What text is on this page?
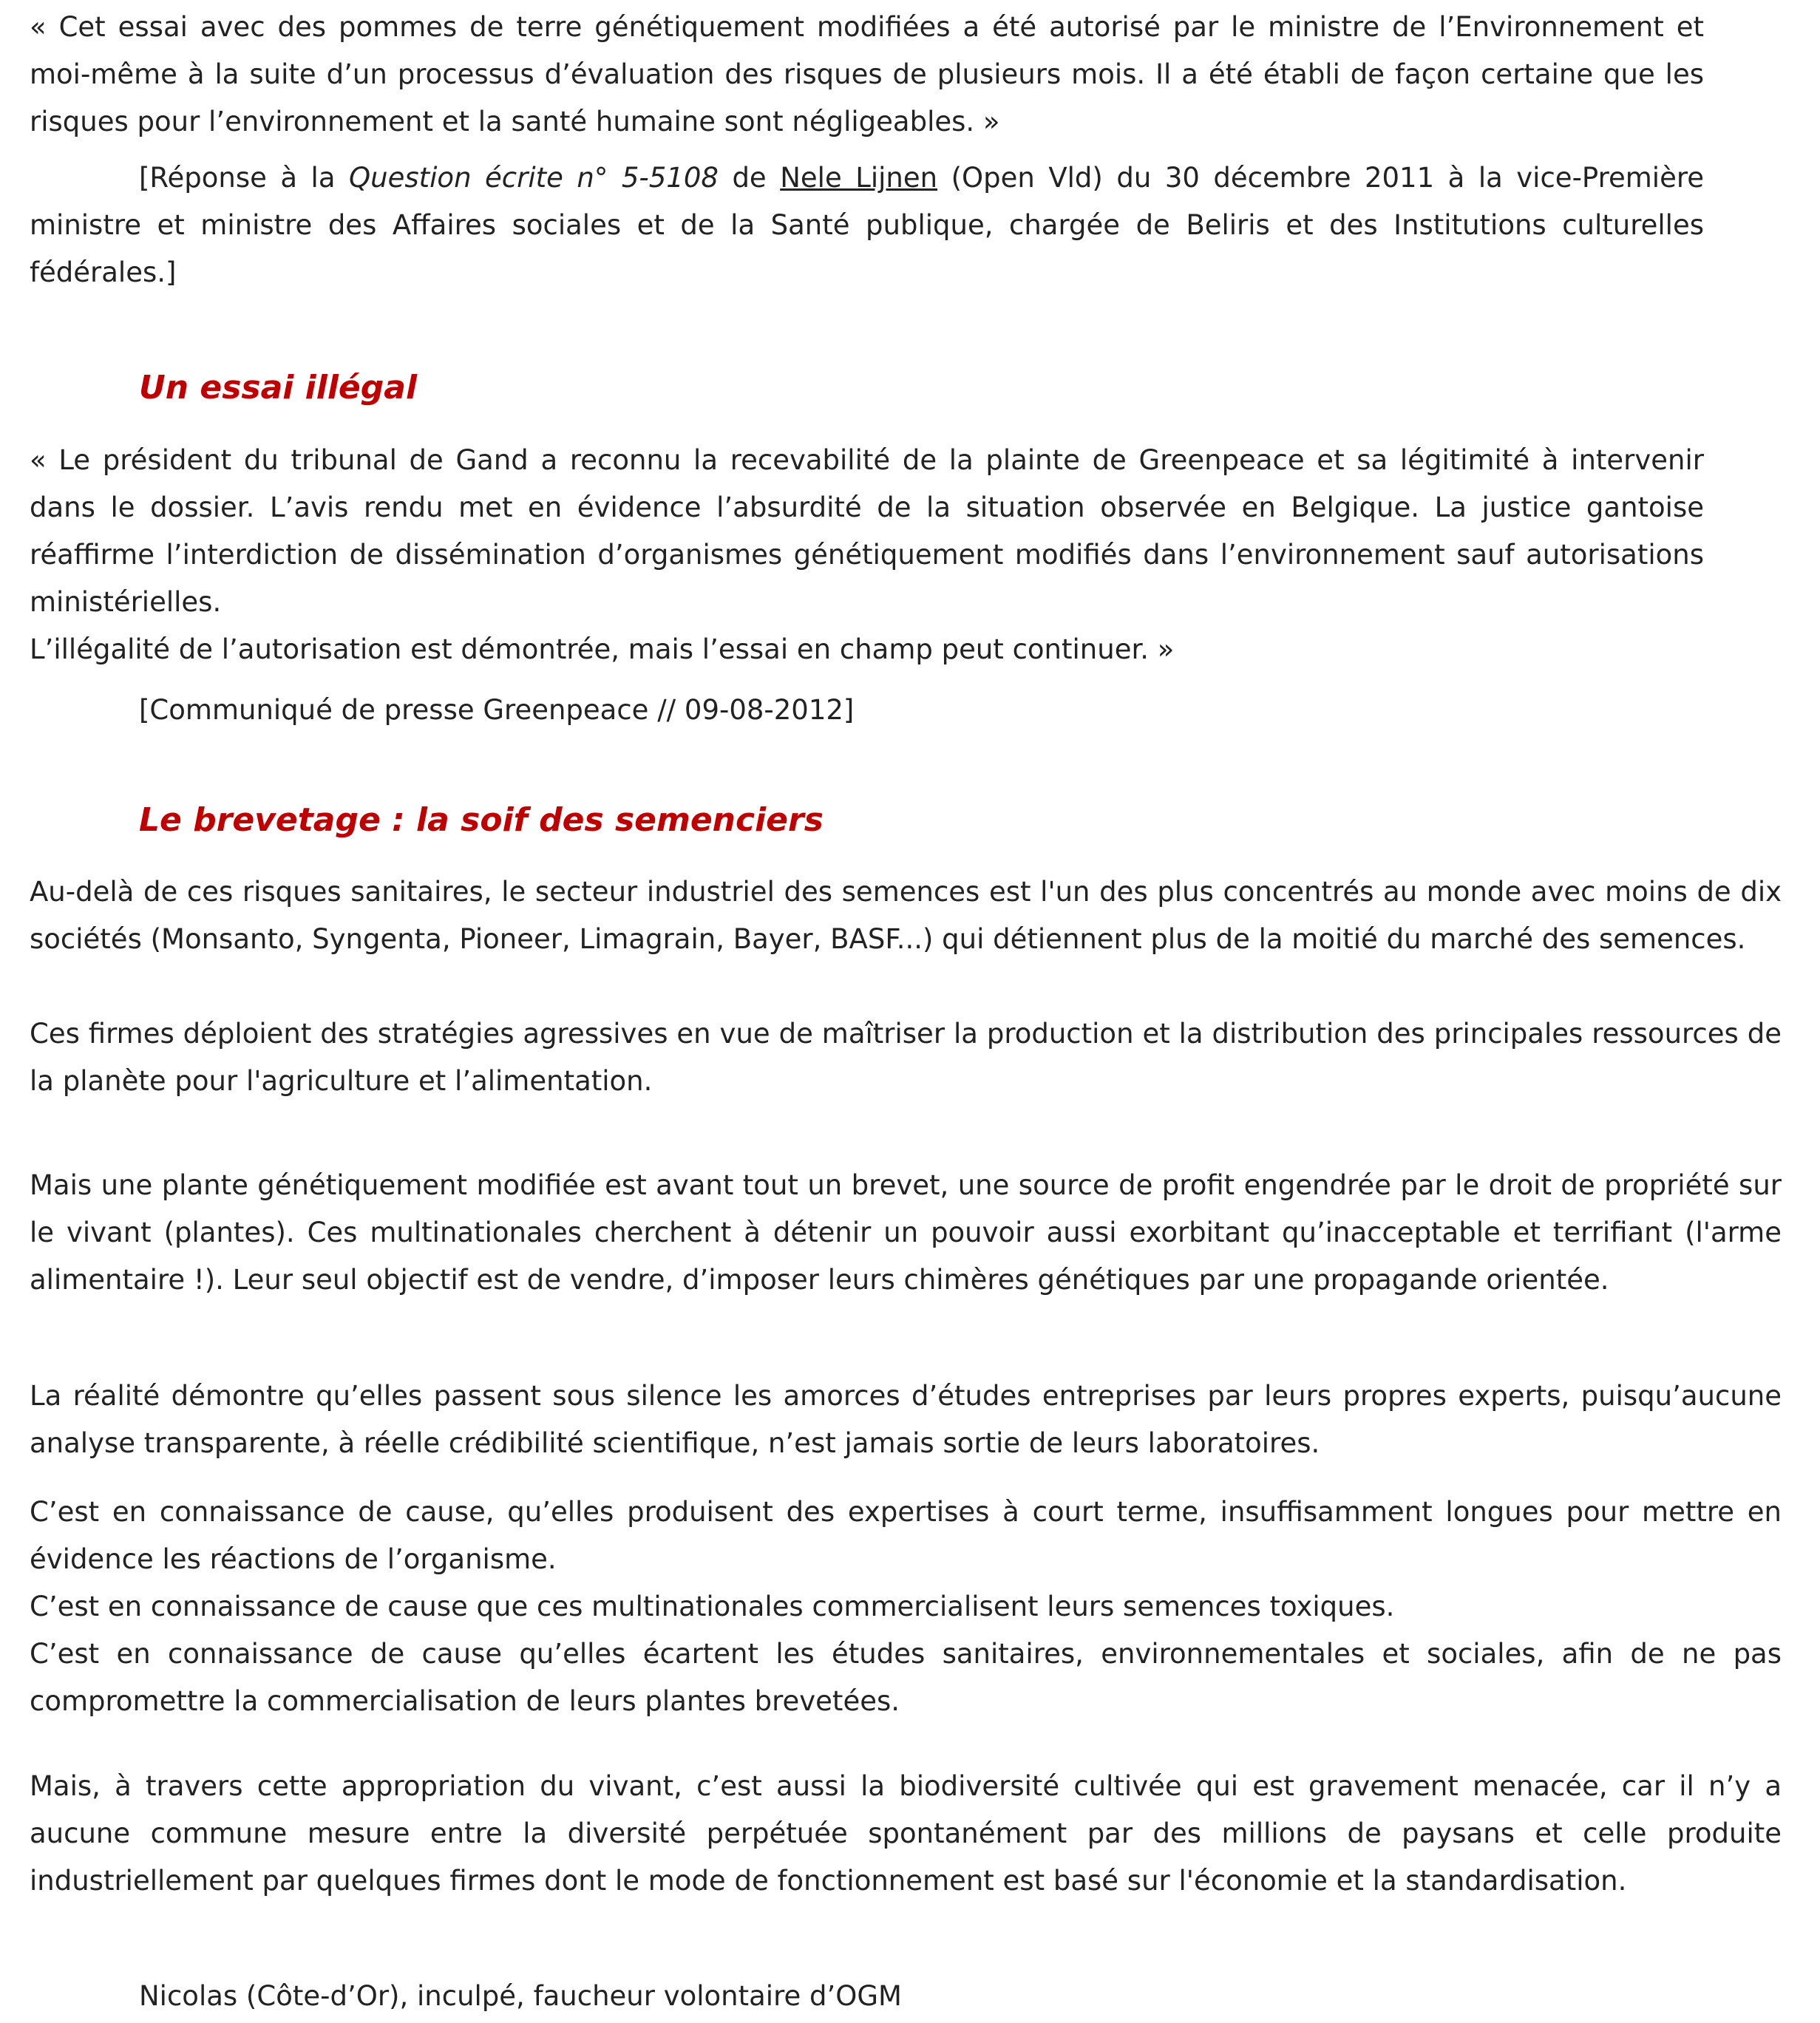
« Cet essai avec des pommes de terre génétiquement modifiées a été autorisé par le ministre de l’Environnement et moi-même à la suite d’un processus d’évaluation des risques de plusieurs mois. Il a été établi de façon certaine que les risques pour l’environnement et la santé humaine sont négligeables. »

[Réponse à la Question écrite n° 5-5108 de Nele Lijnen (Open Vld) du 30 décembre 2011 à la vice-Première ministre et ministre des Affaires sociales et de la Santé publique, chargée de Beliris et des Institutions culturelles fédérales.]

Un essai illégal

« Le président du tribunal de Gand a reconnu la recevabilité de la plainte de Greenpeace et sa légitimité à intervenir dans le dossier. L’avis rendu met en évidence l’absurdité de la situation observée en Belgique. La justice gantoise réaffirme l’interdiction de dissémination d’organismes génétiquement modifiés dans l’environnement sauf autorisations ministérielles.

L’illégalité de l’autorisation est démontrée, mais l’essai en champ peut continuer. »

[Communiqué de presse Greenpeace // 09-08-2012]

Le brevetage : la soif des semenciers

Au-delà de ces risques sanitaires, le secteur industriel des semences est l'un des plus concentrés au monde avec moins de dix sociétés (Monsanto, Syngenta, Pioneer, Limagrain, Bayer, BASF...) qui détiennent plus de la moitié du marché des semences.

Ces firmes déploient des stratégies agressives en vue de maîtriser la production et la distribution des principales ressources de la planète pour l'agriculture et l’alimentation.

Mais une plante génétiquement modifiée est avant tout un brevet, une source de profit engendrée par le droit de propriété sur le vivant (plantes). Ces multinationales cherchent à détenir un pouvoir aussi exorbitant qu’inacceptable et terrifiant (l'arme alimentaire !). Leur seul objectif est de vendre, d’imposer leurs chimères génétiques par une propagande orientée.

La réalité démontre qu’elles passent sous silence les amorces d’études entreprises par leurs propres experts, puisqu’aucune analyse transparente, à réelle crédibilité scientifique, n’est jamais sortie de leurs laboratoires.

C’est en connaissance de cause, qu’elles produisent des expertises à court terme, insuffisamment longues pour mettre en évidence les réactions de l’organisme.

C’est en connaissance de cause que ces multinationales commercialisent leurs semences toxiques.

C’est en connaissance de cause qu’elles écartent les études sanitaires, environnementales et sociales, afin de ne pas compromettre la commercialisation de leurs plantes brevetées.

Mais, à travers cette appropriation du vivant, c’est aussi la biodiversité cultivée qui est gravement menacée, car il n’y a aucune commune mesure entre la diversité perpétuée spontanément par des millions de paysans et celle produite industriellement par quelques firmes dont le mode de fonctionnement est basé sur l'économie et la standardisation.

Nicolas (Côte-d’Or), inculpé, faucheur volontaire d’OGM
